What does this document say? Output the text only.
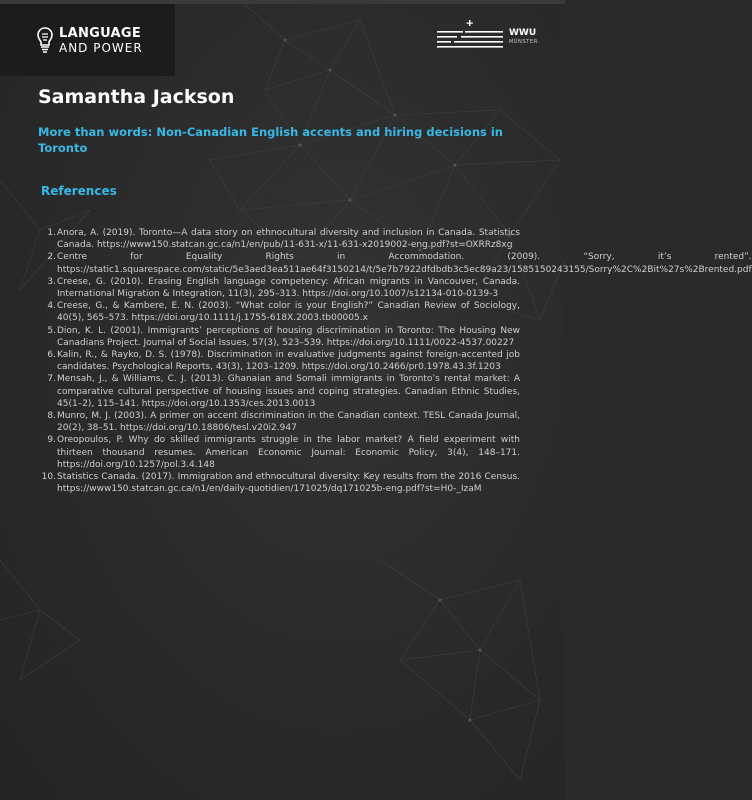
LANGUAGE
AND POWER
WWU
MÜNSTER
Samantha Jackson
More than words: Non-Canadian English accents and hiring decisions in Toronto
References
1. Anora, A. (2019). Toronto—A data story on ethnocultural diversity and inclusion in Canada. Statistics Canada. https://www150.statcan.gc.ca/n1/en/pub/11-631-x/11-631-x2019002-eng.pdf?st=OXRRz8xg
2. Centre for Equality Rights in Accommodation. (2009). “Sorry, it’s rented”. https://static1.squarespace.com/static/5e3aed3ea511ae64f3150214/t/5e7b7922dfdbdb3c5ec89a23/1585150243155/Sorry%2C%2Bit%27s%2Brented.pdf
3. Creese, G. (2010). Erasing English language competency: African migrants in Vancouver, Canada. International Migration & Integration, 11(3), 295–313. https://doi.org/10.1007/s12134-010-0139-3
4. Creese, G., & Kambere, E. N. (2003). “What color is your English?” Canadian Review of Sociology, 40(5), 565–573. https://doi.org/10.1111/j.1755-618X.2003.tb00005.x
5. Dion, K. L. (2001). Immigrants’ perceptions of housing discrimination in Toronto: The Housing New Canadians Project. Journal of Social Issues, 57(3), 523–539. https://doi.org/10.1111/0022-4537.00227
6. Kalin, R., & Rayko, D. S. (1978). Discrimination in evaluative judgments against foreign-accented job candidates. Psychological Reports, 43(3), 1203–1209. https://doi.org/10.2466/pr0.1978.43.3f.1203
7. Mensah, J., & Williams, C. J. (2013). Ghanaian and Somali immigrants in Toronto’s rental market: A comparative cultural perspective of housing issues and coping strategies. Canadian Ethnic Studies, 45(1–2), 115–141. https://doi.org/10.1353/ces.2013.0013
8. Munro, M. J. (2003). A primer on accent discrimination in the Canadian context. TESL Canada Journal, 20(2), 38–51. https://doi.org/10.18806/tesl.v20i2.947
9. Oreopoulos, P. Why do skilled immigrants struggle in the labor market? A field experiment with thirteen thousand resumes. American Economic Journal: Economic Policy, 3(4), 148–171. https://doi.org/10.1257/pol.3.4.148
10. Statistics Canada. (2017). Immigration and ethnocultural diversity: Key results from the 2016 Census. https://www150.statcan.gc.ca/n1/en/daily-quotidien/171025/dq171025b-eng.pdf?st=H0-_IzaM
